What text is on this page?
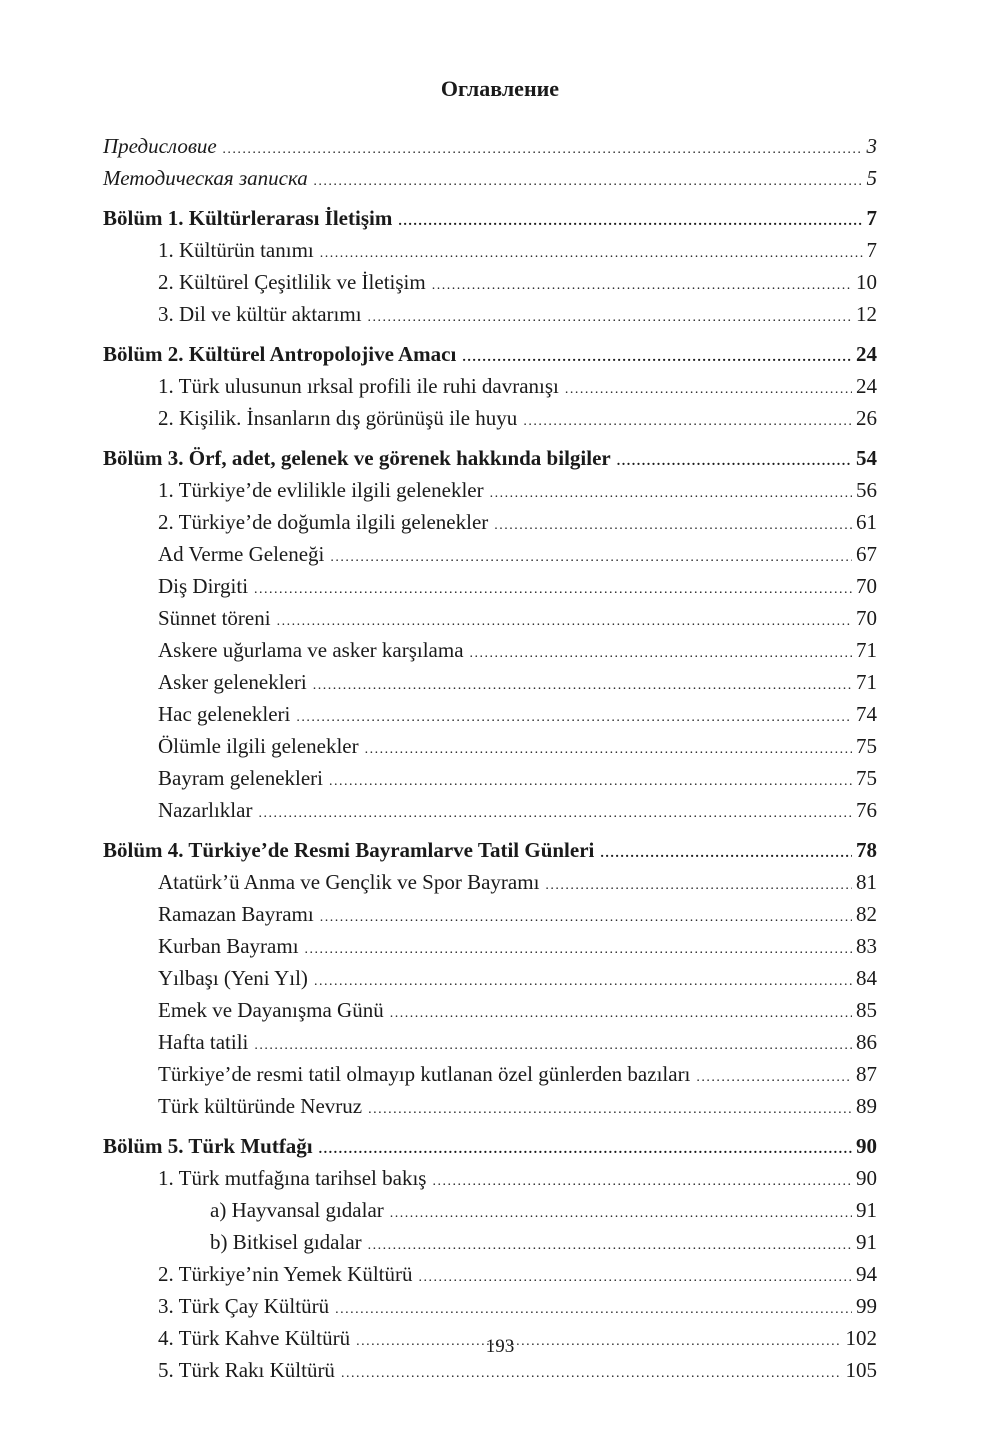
Оглавление
Предисловие . . .	3
Методическая записка . . .	5
Bölüm 1. Kültürlerarası İletişim . . .	7
1. Kültürün tanımı . . .	7
2. Kültürel Çeşitlilik ve İletişim . . .	10
3. Dil ve kültür aktarımı . . .	12
Bölüm 2. Kültürel Antropolojive Amacı . . .	24
1. Türk ulusunun ırksal profili ile ruhi davranışı . . .	24
2. Kişilik. İnsanların dış görünüşü ile huyu . . .	26
Bölüm 3. Örf, adet, gelenek ve görenek hakkında bilgiler . . .	54
1. Türkiye’de evlilikle ilgili gelenekler . . .	56
2. Türkiye’de doğumla ilgili gelenekler . . .	61
Ad Verme Geleneği . . .	67
Diş Dirgiti . . .	70
Sünnet töreni . . .	70
Askere uğurlama ve asker karşılama . . .	71
Asker gelenekleri . . .	71
Hac gelenekleri . . .	74
Ölümle ilgili gelenekler . . .	75
Bayram gelenekleri . . .	75
Nazarlıklar . . .	76
Bölüm 4. Türkiye’de Resmi Bayramlarve Tatil Günleri . . .	78
Atatürk’ü Anma ve Gençlik ve Spor Bayramı . . .	81
Ramazan Bayramı . . .	82
Kurban Bayramı . . .	83
Yılbaşı (Yeni Yıl) . . .	84
Emek ve Dayanışma Günü . . .	85
Hafta tatili . . .	86
Türkiye’de resmi tatil olmayıp kutlanan özel günlerden bazıları . . .	87
Türk kültüründe Nevruz . . .	89
Bölüm 5. Türk Mutfağı . . .	90
1. Türk mutfağına tarihsel bakış . . .	90
a) Hayvansal gıdalar . . .	91
b) Bitkisel gıdalar . . .	91
2. Türkiye’nin Yemek Kültürü . . .	94
3. Türk Çay Kültürü . . .	99
4. Türk Kahve Kültürü . . .	102
5. Türk Rakı Kültürü . . .	105
193
